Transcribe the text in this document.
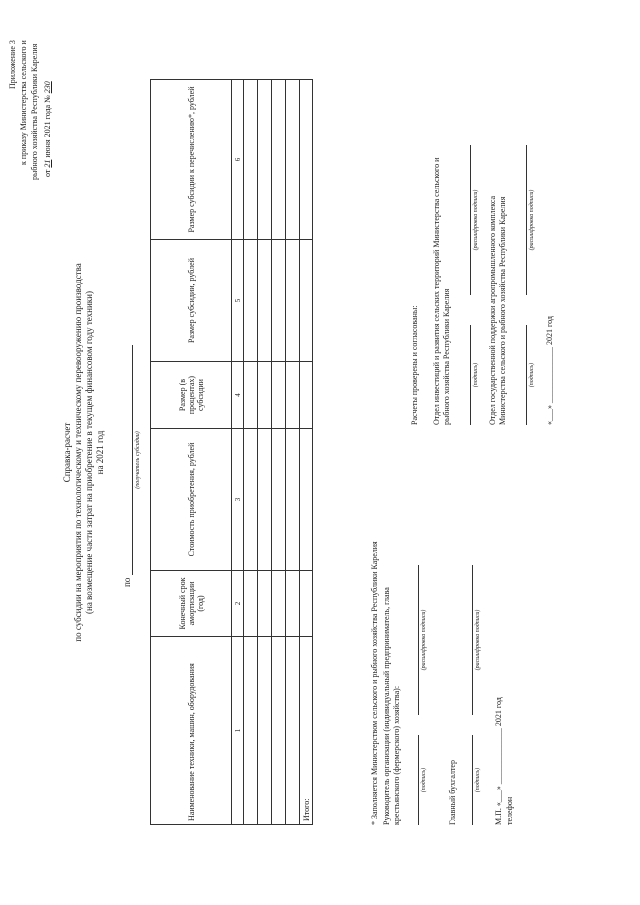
Приложение 3 к приказу Министерства сельского и рыбного хозяйства Республики Карелия от 21 июня 2021 года № 230
Справка-расчет по субсидии на мероприятия по технологическому и техническому перевооружению производства (на возмещение части затрат на приобретение в текущем финансовом году техники) на 2021 год
по
(получатель субсидии)
Наименование техники, машин, оборудования	Конечный срок амортизации (год)	Стоимость приобретения, рублей	Размер (в процентах) субсидии	Размер субсидии, рублей	Размер субсидии к перечислению*, рублей
1	2	3	4	5	6

Итого:						* Заполняется Министерством сельского и рыбного хозяйства Республики Карелия Руководитель организации (индивидуальный предприниматель, глава крестьянского (фермерского) хозяйства):	(подпись)
(расшифровка подписи)
Главный бухгалтер	(подпись)
(расшифровка подписи)
М.П. «___» ______________ 2021 год телефон
Расчеты проверены и согласованы: Отдел инвестиций и развития сельских территорий Министерства сельского и рыбного хозяйства Республики Карелия	(подпись)
(расшифровка подписи) Отдел государственной поддержки агропромышленного комплекса Министерства сельского и рыбного хозяйства Республики Карелия	(подпись)
(расшифровка подписи)
«___» ______________ 2021 год
